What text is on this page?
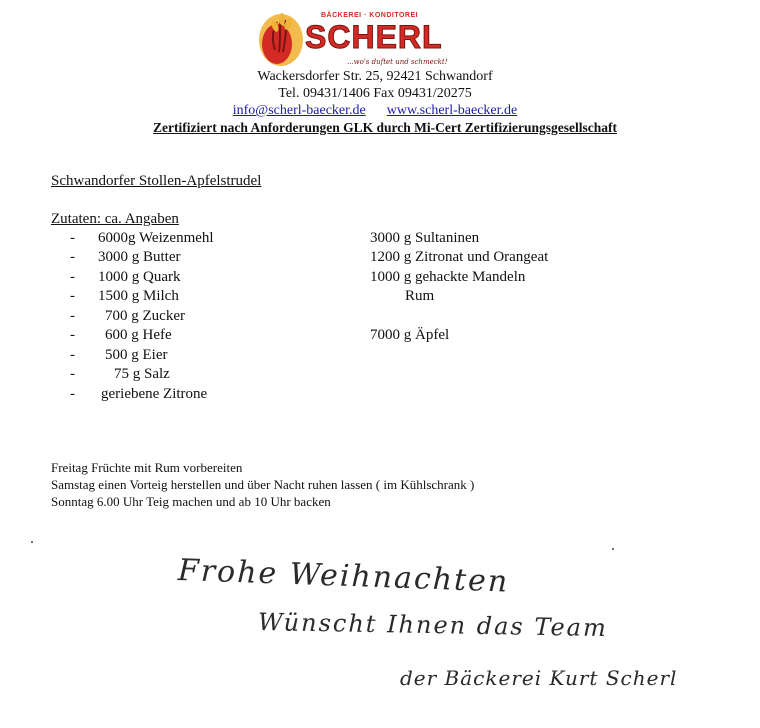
BÄCKEREI · KONDITOREI
SCHERL
...wo's duftet und schmeckt!
Wackersdorfer Str. 25, 92421 Schwandorf
Tel. 09431/1406 Fax 09431/20275
info@scherl-baecker.de www.scherl-baecker.de
Zertifiziert nach Anforderungen GLK durch Mi-Cert Zertifizierungsgesellschaft
Schwandorfer Stollen-Apfelstrudel
Zutaten: ca. Angaben
- 6000g Weizenmehl
- 3000 g Butter
- 1000 g Quark
- 1500 g Milch
- 700 g Zucker
- 600 g Hefe
- 500 g Eier
-	75 g Salz
- geriebene Zitrone
3000 g Sultaninen
1200 g Zitronat und Orangeat
1000 g gehackte Mandeln
Rum
7000 g Äpfel
Freitag Früchte mit Rum vorbereiten
Samstag einen Vorteig herstellen und über Nacht ruhen lassen ( im Kühlschrank )
Sonntag 6.00 Uhr Teig machen und ab 10 Uhr backen
Frohe Weihnachten
Wünscht Ihnen das Team
der Bäckerei Kurt Scherl
